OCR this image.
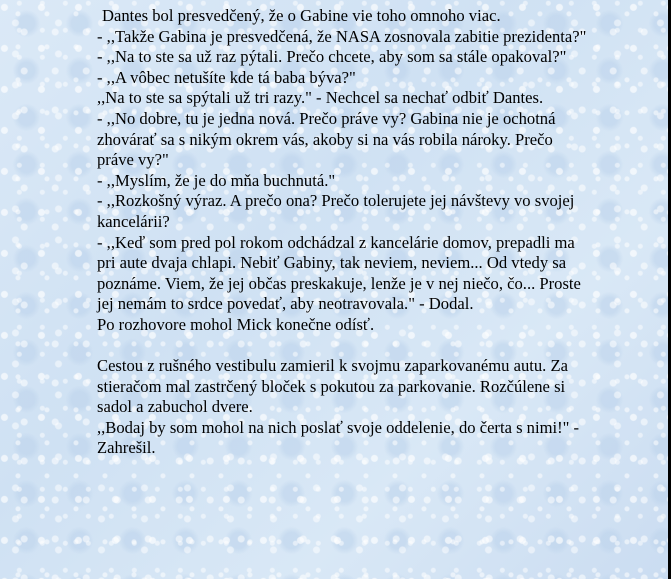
Dantes bol presvedčený, že o Gabine vie toho omnoho viac.

- ,,Takže Gabina je presvedčená, že NASA zosnovala zabitie prezidenta?"

- ,,Na to ste sa už raz pýtali. Prečo chcete, aby som sa stále opakoval?"

- ,,A vôbec netušíte kde tá baba býva?"

,,Na to ste sa spýtali už tri razy." - Nechcel sa nechať odbiť Dantes.

- ,,No dobre, tu je jedna nová. Prečo práve vy? Gabina nie je ochotná zhovárať sa s nikým okrem vás, akoby si na vás robila nároky. Prečo práve vy?"

- ,,Myslím, že je do mňa buchnutá."

- ,,Rozkošný výraz. A prečo ona? Prečo tolerujete jej návštevy vo svojej kancelárii?

- ,,Keď som pred pol rokom odchádzal z kancelárie domov, prepadli ma pri aute dvaja chlapi. Nebiť Gabiny, tak neviem, neviem... Od vtedy sa poznáme. Viem, že jej občas preskakuje, lenže je v nej niečo, čo... Proste jej nemám to srdce povedať, aby neotravovala." - Dodal.

Po rozhovore mohol Mick konečne odísť.

Cestou z rušného vestibulu zamieril k svojmu zaparkovanému autu. Za stieračom mal zastrčený bloček s pokutou za parkovanie. Rozčúlene si sadol a zabuchol dvere.

,,Bodaj by som mohol na nich poslať svoje oddelenie, do čerta s nimi!" - Zahrešil.
